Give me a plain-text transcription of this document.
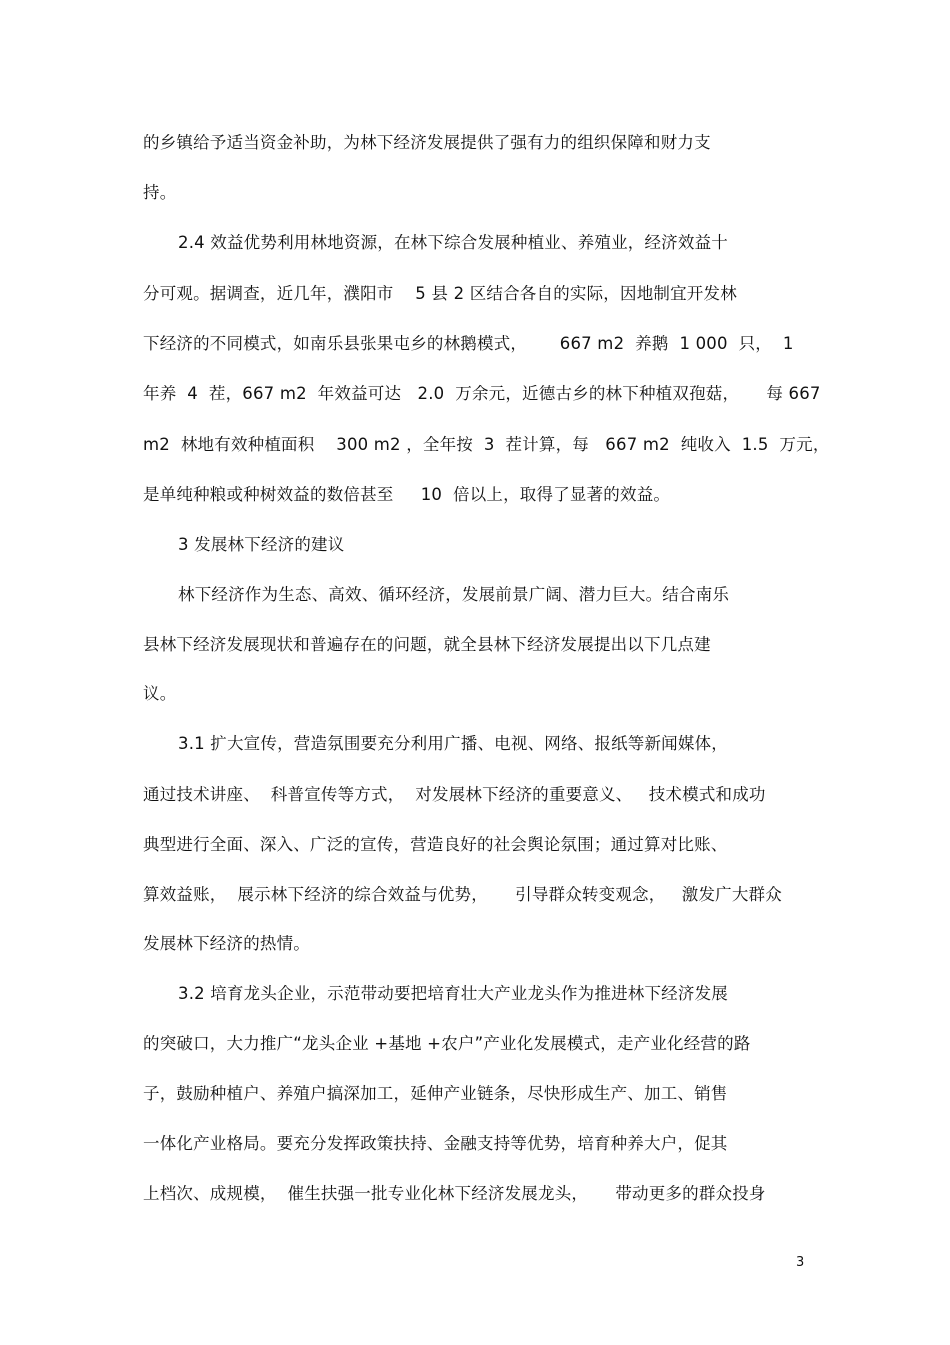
的乡镇给予适当资金补助，为林下经济发展提供了强有力的组织保障和财力支
持。
2.4 效益优势利用林地资源，在林下综合发展种植业、养殖业，经济效益十
分可观。据调查，近几年，濮阳市    5 县 2 区结合各自的实际，因地制宜开发林
下经济的不同模式，如南乐县张果屯乡的林鹅模式，      667 m2  养鹅  1 000  只，  1
年养  4  茬，667 m2  年效益可达   2.0  万余元，近德古乡的林下种植双孢菇，     每 667
m2  林地有效种植面积    300 m2 ，全年按  3  茬计算，每   667 m2  纯收入  1.5  万元，
是单纯种粮或种树效益的数倍甚至     10  倍以上，取得了显著的效益。
3 发展林下经济的建议
林下经济作为生态、高效、循环经济，发展前景广阔、潜力巨大。结合南乐
县林下经济发展现状和普遍存在的问题，就全县林下经济发展提出以下几点建
议。
3.1 扩大宣传，营造氛围要充分利用广播、电视、网络、报纸等新闻媒体，
通过技术讲座、  科普宣传等方式，  对发展林下经济的重要意义、   技术模式和成功
典型进行全面、深入、广泛的宣传，营造良好的社会舆论氛围；通过算对比账、
算效益账，  展示林下经济的综合效益与优势，     引导群众转变观念，   激发广大群众
发展林下经济的热情。
3.2 培育龙头企业，示范带动要把培育壮大产业龙头作为推进林下经济发展
的突破口，大力推广“龙头企业 +基地 +农户”产业化发展模式，走产业化经营的路
子，鼓励种植户、养殖户搞深加工，延伸产业链条，尽快形成生产、加工、销售
一体化产业格局。要充分发挥政策扶持、金融支持等优势，培育种养大户，促其
上档次、成规模，  催生扶强一批专业化林下经济发展龙头，     带动更多的群众投身
3
